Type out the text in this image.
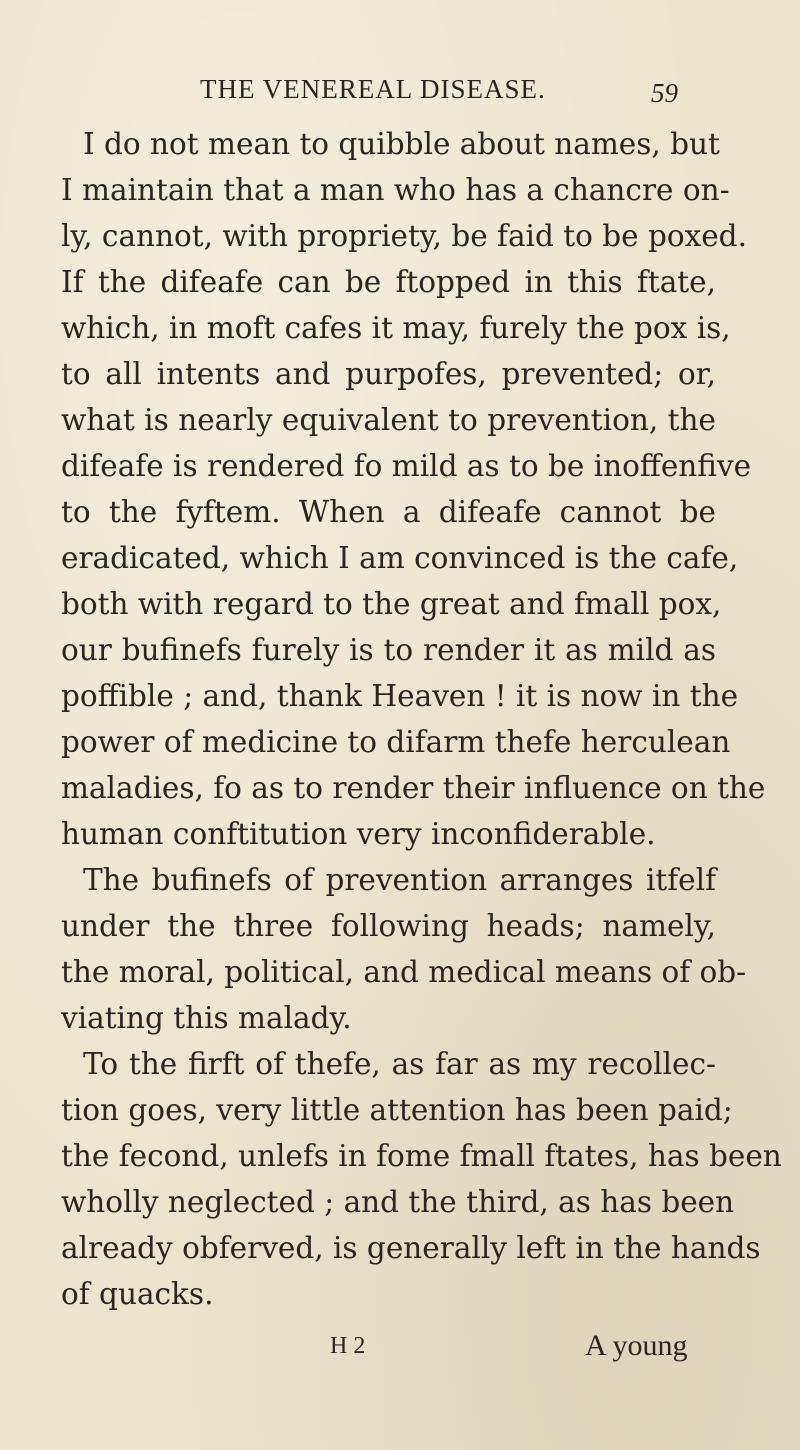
THE VENEREAL DISEASE.	59
I do not mean to quibble about names, but
I maintain that a man who has a chancre on-
ly, cannot, with propriety, be faid to be poxed.
If the difeafe can be ftopped in this ftate,
which, in moft cafes it may, furely the pox is,
to all intents and purpofes, prevented; or,
what is nearly equivalent to prevention, the
difeafe is rendered fo mild as to be inoffenfive
to the fyftem. When a difeafe cannot be
eradicated, which I am convinced is the cafe,
both with regard to the great and fmall pox,
our bufinefs furely is to render it as mild as
poffible ; and, thank Heaven ! it is now in the
power of medicine to difarm thefe herculean
maladies, fo as to render their influence on the
human conftitution very inconfiderable.
The bufinefs of prevention arranges itfelf
under the three following heads; namely,
the moral, political, and medical means of ob-
viating this malady.
To the firft of thefe, as far as my recollec-
tion goes, very little attention has been paid;
the fecond, unlefs in fome fmall ftates, has been
wholly neglected ; and the third, as has been
already obferved, is generally left in the hands
of quacks.
H 2	A young
